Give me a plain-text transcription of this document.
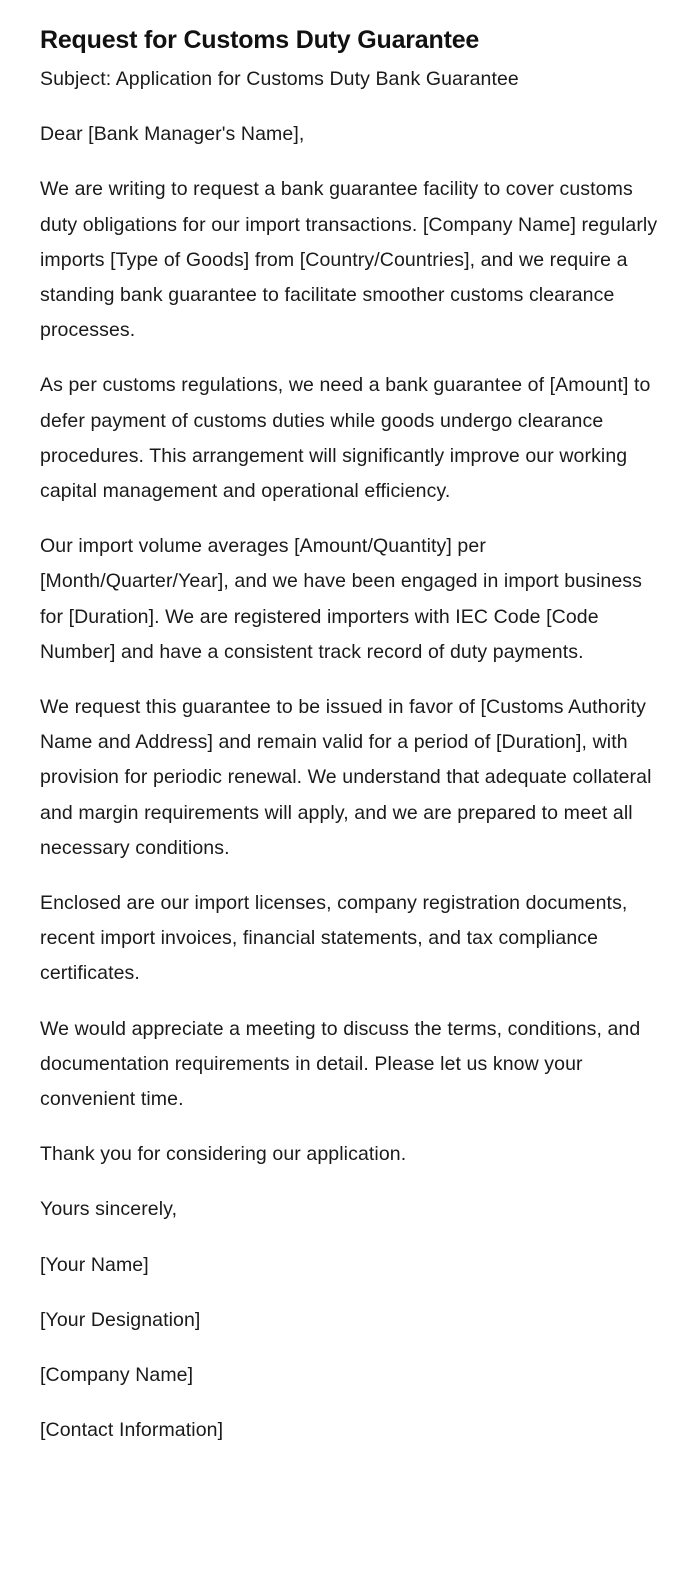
Request for Customs Duty Guarantee

Subject: Application for Customs Duty Bank Guarantee

Dear [Bank Manager's Name],

We are writing to request a bank guarantee facility to cover customs duty obligations for our import transactions. [Company Name] regularly imports [Type of Goods] from [Country/Countries], and we require a standing bank guarantee to facilitate smoother customs clearance processes.

As per customs regulations, we need a bank guarantee of [Amount] to defer payment of customs duties while goods undergo clearance procedures. This arrangement will significantly improve our working capital management and operational efficiency.

Our import volume averages [Amount/Quantity] per [Month/Quarter/Year], and we have been engaged in import business for [Duration]. We are registered importers with IEC Code [Code Number] and have a consistent track record of duty payments.

We request this guarantee to be issued in favor of [Customs Authority Name and Address] and remain valid for a period of [Duration], with provision for periodic renewal. We understand that adequate collateral and margin requirements will apply, and we are prepared to meet all necessary conditions.

Enclosed are our import licenses, company registration documents, recent import invoices, financial statements, and tax compliance certificates.

We would appreciate a meeting to discuss the terms, conditions, and documentation requirements in detail. Please let us know your convenient time.

Thank you for considering our application.

Yours sincerely,

[Your Name]

[Your Designation]

[Company Name]

[Contact Information]
